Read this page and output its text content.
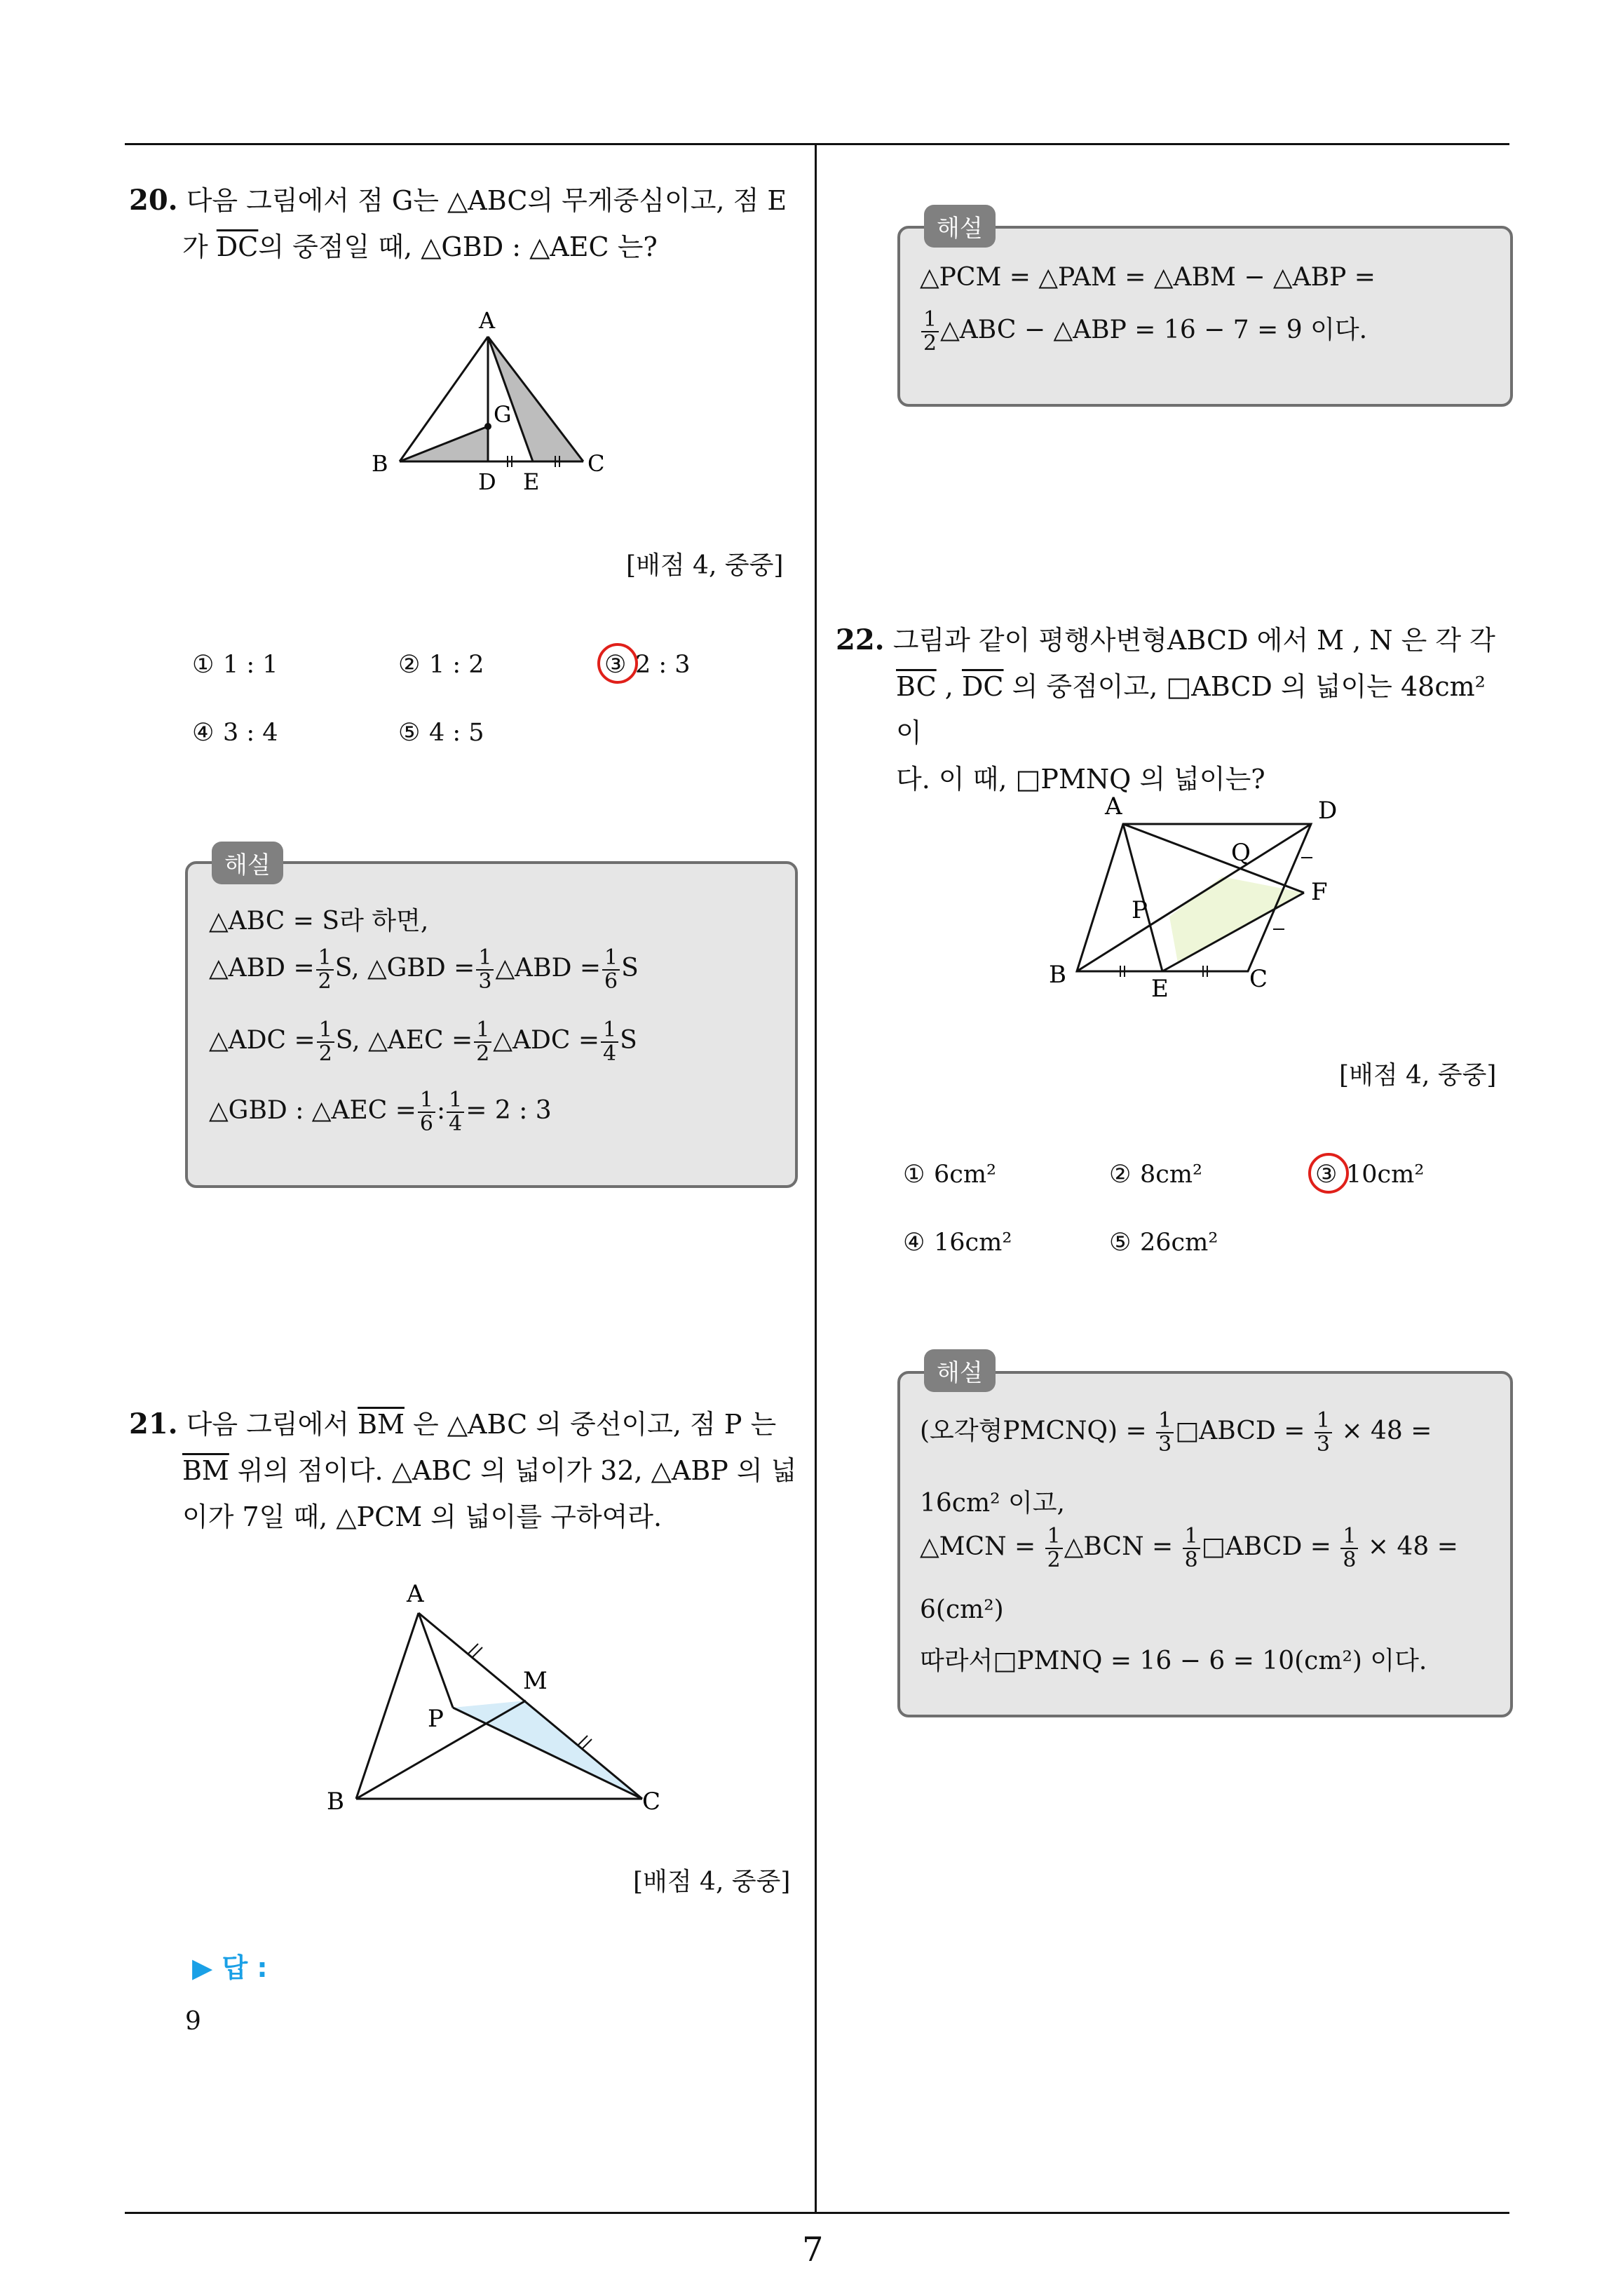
20. 다음 그림에서 점 G는 △ABC의 무게중심이고, 점 E
가 $\overline{DC}$의 중점일 때, △GBD : △AEC 는?
A
B	C
D E
G
[배점 4, 중중]
① 1 : 1	② 1 : 2	③ 2 : 3
④ 3 : 4	⑤ 4 : 5
해설
△ABC = S라 하면,
△ABD = $\frac{1}{2} S$, △GBD = $\frac{1}{3}$ △ABD = $\frac{1}{6}$ S
△ADC = $\frac{1}{2} S$, △AEC = $\frac{1}{2}$ △ADC = $\frac{1}{4}$ S
△GBD : △AEC = $\frac{1}{6}$ : $\frac{1}{4} = 2$ : 3
21. 다음 그림에서 $\overline{BM}$ 은 △ABC 의 중선이고, 점 P 는
$\overline{BM}$ 위의 점이다. △ABC 의 넓이가 32, △ABP 의 넓
이가 7일 때, △PCM 의 넓이를 구하여라.
A
B	C
M
P
[배점 4, 중중]
▶ 답 :
9
해설
△PCM = △PAM = △ABM − △ABP =
$\frac{1}{2}$ △ABC − △ABP = 16 − 7 = 9 이다.
22. 그림과 같이 평행사변형ABCD 에서 M , N 은 각 각
$\overline{BC}$ , $\overline{DC}$ 의 중점이고, □ABCD 의 넓이는 48cm² 이
다. 이 때, □PMNQ 의 넓이는?
A	D
B	C
E
F
P
Q
[배점 4, 중중]
① 6cm²	② 8cm²	③ 10cm²
④ 16cm²	⑤ 26cm²
해설
(오각형PMCNQ) = $\frac{1}{3}$ □ABCD = $\frac{1}{3} \times 48$ =
16cm² 이고,
△MCN = $\frac{1}{2}$ △BCN = $\frac{1}{8}$ □ABCD = $\frac{1}{8} \times 48$ =
6(cm²)
따라서□PMNQ = 16 − 6 = 10(cm²) 이다.
7
